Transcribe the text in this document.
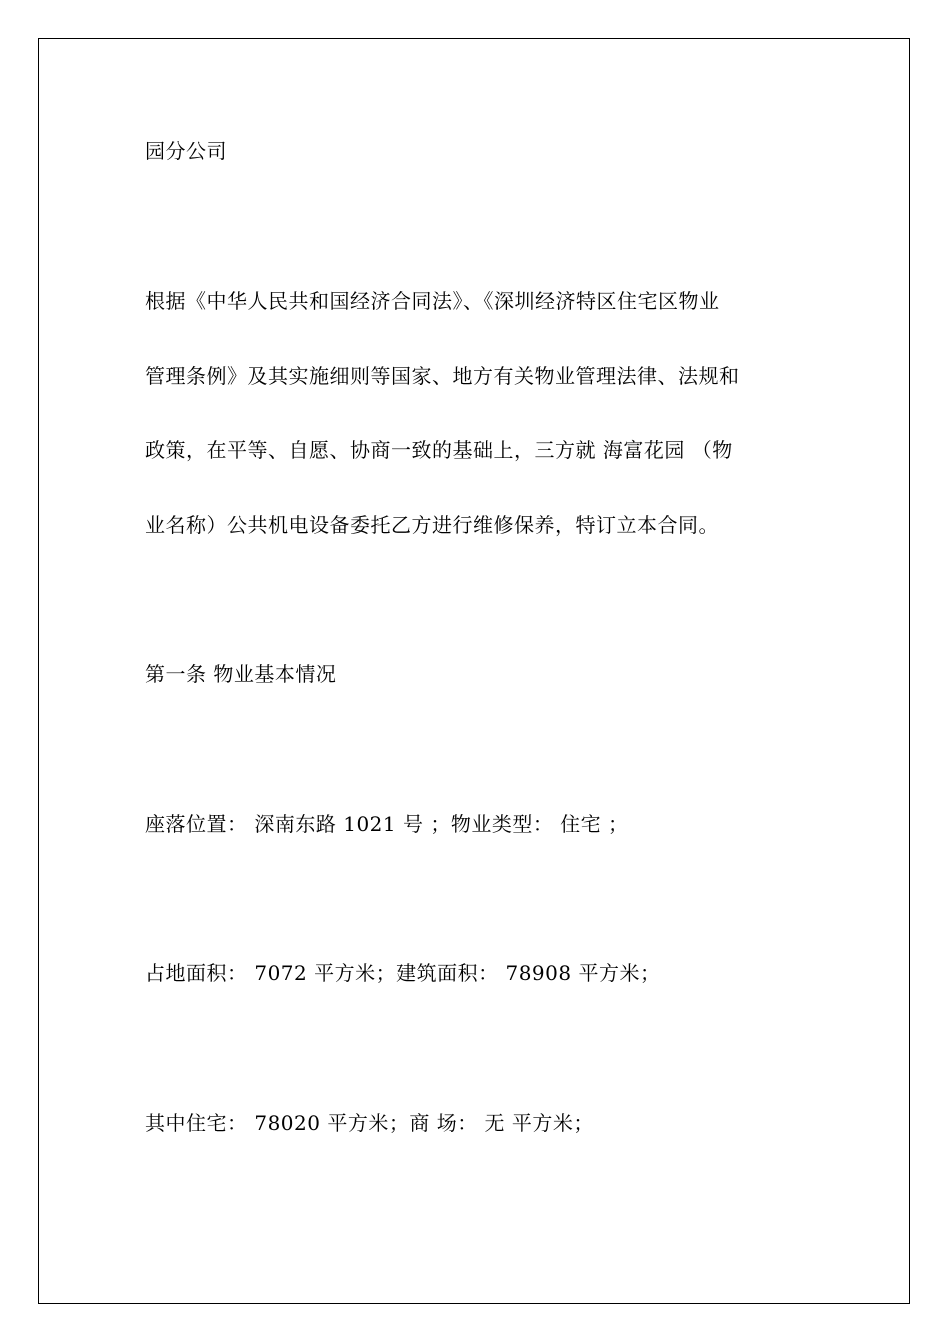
园分公司
根据《中华人民共和国经济合同法》、《深圳经济特区住宅区物业
管理条例》及其实施细则等国家、地方有关物业管理法律、法规和
政策，在平等、自愿、协商一致的基础上，三方就 海富花园 （物
业名称）公共机电设备委托乙方进行维修保养，特订立本合同。
第一条 物业基本情况
座落位置： 深南东路 1021 号 ；物业类型： 住宅 ；
占地面积： 7072 平方米；建筑面积： 78908 平方米；
其中住宅： 78020 平方米；商 场： 无 平方米；
